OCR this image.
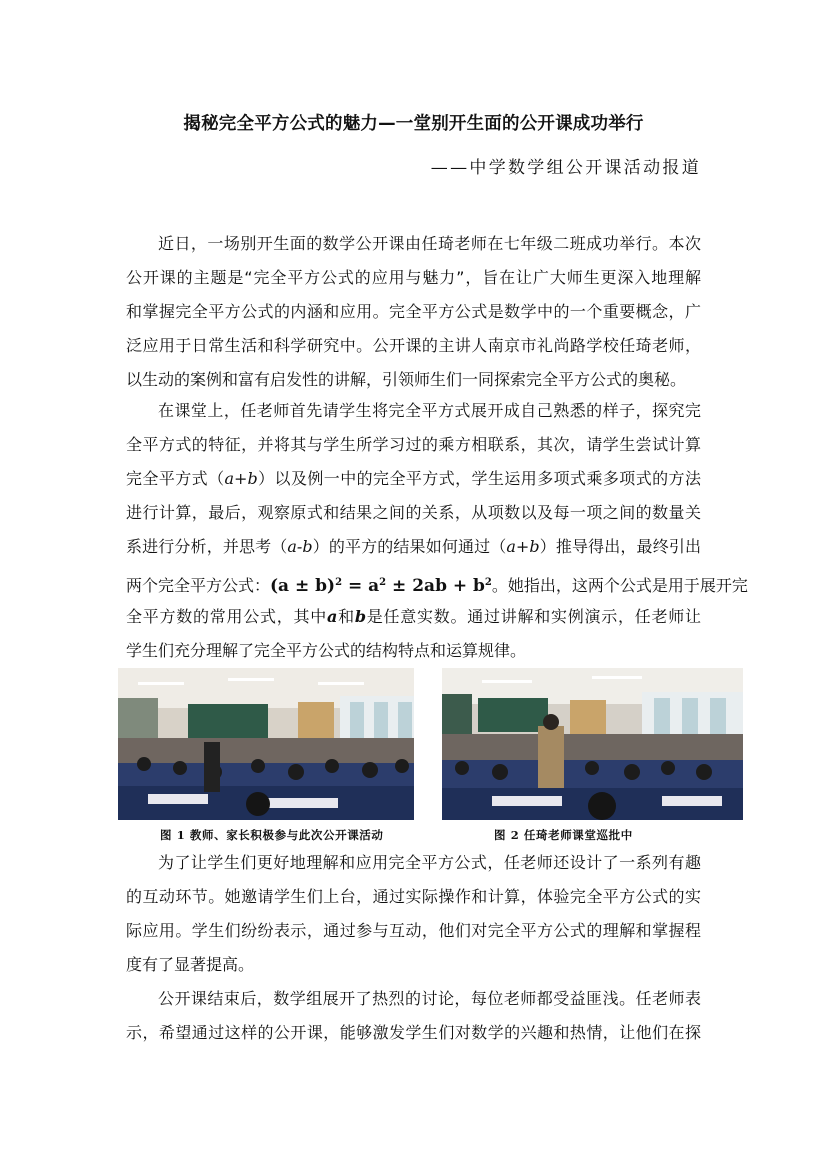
揭秘完全平方公式的魅力—一堂别开生面的公开课成功举行
——中学数学组公开课活动报道
近日，一场别开生面的数学公开课由任琦老师在七年级二班成功举行。本次
公开课的主题是“完全平方公式的应用与魅力”，旨在让广大师生更深入地理解
和掌握完全平方公式的内涵和应用。完全平方公式是数学中的一个重要概念，广
泛应用于日常生活和科学研究中。公开课的主讲人南京市礼尚路学校任琦老师，
以生动的案例和富有启发性的讲解，引领师生们一同探索完全平方公式的奥秘。
在课堂上，任老师首先请学生将完全平方式展开成自己熟悉的样子，探究完
全平方式的特征，并将其与学生所学习过的乘方相联系，其次，请学生尝试计算
完全平方式（a+b）以及例一中的完全平方式，学生运用多项式乘多项式的方法
进行计算，最后，观察原式和结果之间的关系，从项数以及每一项之间的数量关
系进行分析，并思考（a-b）的平方的结果如何通过（a+b）推导得出，最终引出
两个完全平方公式：$(a \pm b)^2 = a^2 \pm 2ab + b^2$。她指出，这两个公式是用于展开完
全平方数的常用公式，其中a和b是任意实数。通过讲解和实例演示，任老师让
学生们充分理解了完全平方公式的结构特点和运算规律。
图 1 教师、家长积极参与此次公开课活动	图 2 任琦老师课堂巡批中
为了让学生们更好地理解和应用完全平方公式，任老师还设计了一系列有趣
的互动环节。她邀请学生们上台，通过实际操作和计算，体验完全平方公式的实
际应用。学生们纷纷表示，通过参与互动，他们对完全平方公式的理解和掌握程
度有了显著提高。
公开课结束后，数学组展开了热烈的讨论，每位老师都受益匪浅。任老师表
示，希望通过这样的公开课，能够激发学生们对数学的兴趣和热情，让他们在探
